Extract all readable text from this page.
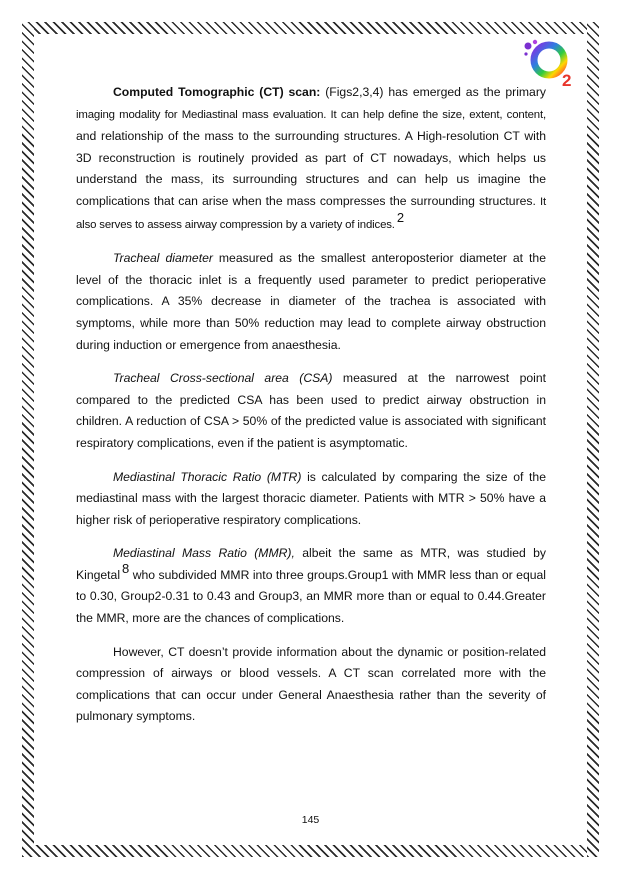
2

Computed Tomographic (CT) scan: (Figs2,3,4) has emerged as the primary imaging modality for Mediastinal mass evaluation. It can help define the size, extent, content, and relationship of the mass to the surrounding structures. A High-resolution CT with 3D reconstruction is routinely provided as part of CT nowadays, which helps us understand the mass, its surrounding structures and can help us imagine the complications that can arise when the mass compresses the surrounding structures. It also serves to assess airway compression by a variety of indices. $^2$

Tracheal diameter measured as the smallest anteroposterior diameter at the level of the thoracic inlet is a frequently used parameter to predict perioperative complications. A 35% decrease in diameter of the trachea is associated with symptoms, while more than 50% reduction may lead to complete airway obstruction during induction or emergence from anaesthesia.

Tracheal Cross-sectional area (CSA) measured at the narrowest point compared to the predicted CSA has been used to predict airway obstruction in children. A reduction of CSA > 50% of the predicted value is associated with significant respiratory complications, even if the patient is asymptomatic.

Mediastinal Thoracic Ratio (MTR) is calculated by comparing the size of the mediastinal mass with the largest thoracic diameter. Patients with MTR > 50% have a higher risk of perioperative respiratory complications.

Mediastinal Mass Ratio (MMR), albeit the same as MTR, was studied by Kingetal $^8$ who subdivided MMR into three groups.Group1 with MMR less than or equal to 0.30, Group2-0.31 to 0.43 and Group3, an MMR more than or equal to 0.44.Greater the MMR, more are the chances of complications.

However, CT doesn’t provide information about the dynamic or position-related compression of airways or blood vessels. A CT scan correlated more with the complications that can occur under General Anaesthesia rather than the severity of pulmonary symptoms.

145
